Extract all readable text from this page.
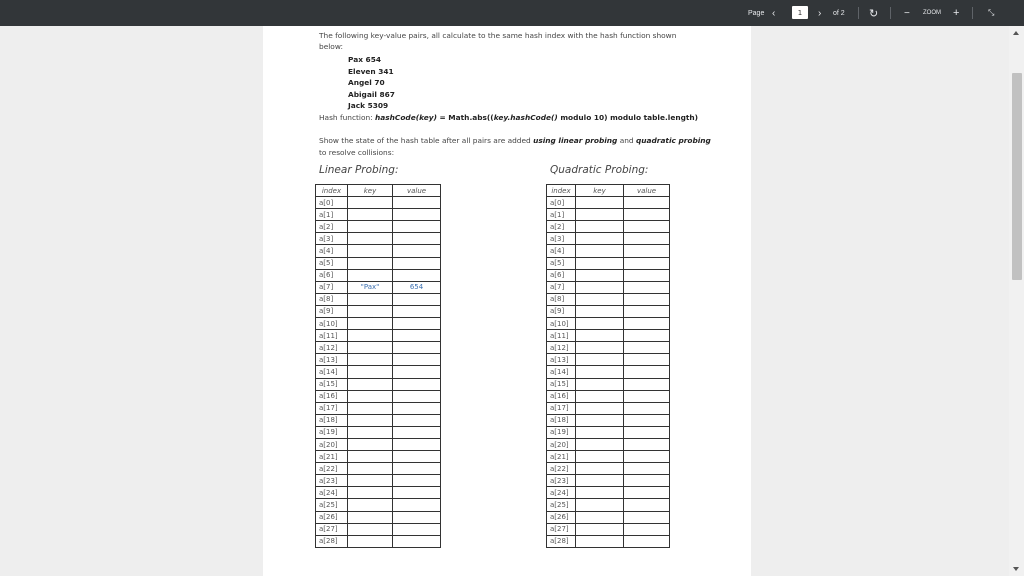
Page ‹	1	› of 2 ↻	− ZOOM +	⤡
The following key-value pairs, all calculate to the same hash index with the hash function shown
below:
Pax 654
Eleven 341
Angel 70
Abigail 867
Jack 5309
Hash function: hashCode(key) = Math.abs((key.hashCode() modulo 10) modulo table.length)
Show the state of the hash table after all pairs are added using linear probing and quadratic probing
to resolve collisions:
Linear Probing:	Quadratic Probing:
index	key	value
a[0]		
a[1]		
a[2]		
a[3]		
a[4]		
a[5]		
a[6]		
a[7]	"Pax"	654
a[8]		
a[9]		
a[10]		
a[11]		
a[12]		
a[13]		
a[14]		
a[15]		
a[16]		
a[17]		
a[18]		
a[19]		
a[20]		
a[21]		
a[22]		
a[23]		
a[24]		
a[25]		
a[26]		
a[27]		
a[28]		
index	key	value
a[0]		
a[1]		
a[2]		
a[3]		
a[4]		
a[5]		
a[6]		
a[7]		
a[8]		
a[9]		
a[10]		
a[11]		
a[12]		
a[13]		
a[14]		
a[15]		
a[16]		
a[17]		
a[18]		
a[19]		
a[20]		
a[21]		
a[22]		
a[23]		
a[24]		
a[25]		
a[26]		
a[27]		
a[28]		
